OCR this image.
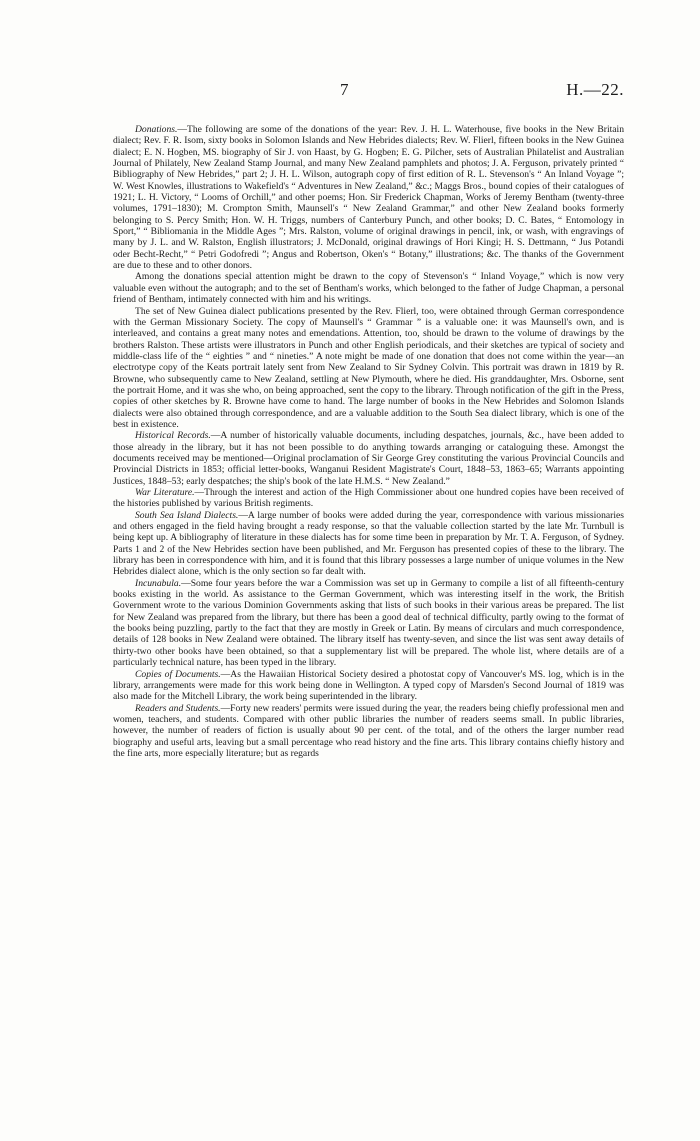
7	H.—22.

Donations.—The following are some of the donations of the year: Rev. J. H. L. Waterhouse, five books in the New Britain dialect; Rev. F. R. Isom, sixty books in Solomon Islands and New Hebrides dialects; Rev. W. Flierl, fifteen books in the New Guinea dialect; E. N. Hogben, MS. biography of Sir J. von Haast, by G. Hogben; E. G. Pilcher, sets of Australian Philatelist and Australian Journal of Philately, New Zealand Stamp Journal, and many New Zealand pamphlets and photos; J. A. Ferguson, privately printed “ Bibliography of New Hebrides,” part 2; J. H. L. Wilson, autograph copy of first edition of R. L. Stevenson's “ An Inland Voyage ”; W. West Knowles, illustrations to Wakefield's “ Adventures in New Zealand,” &c.; Maggs Bros., bound copies of their catalogues of 1921; L. H. Victory, “ Looms of Orchill,” and other poems; Hon. Sir Frederick Chapman, Works of Jeremy Bentham (twenty-three volumes, 1791–1830); M. Crompton Smith, Maunsell's “ New Zealand Grammar,” and other New Zealand books formerly belonging to S. Percy Smith; Hon. W. H. Triggs, numbers of Canterbury Punch, and other books; D. C. Bates, “ Entomology in Sport,” “ Bibliomania in the Middle Ages ”; Mrs. Ralston, volume of original drawings in pencil, ink, or wash, with engravings of many by J. L. and W. Ralston, English illustrators; J. McDonald, original drawings of Hori Kingi; H. S. Dettmann, “ Jus Potandi oder Becht-Recht,” “ Petri Godofredi ”; Angus and Robertson, Oken's “ Botany,” illustrations; &c. The thanks of the Government are due to these and to other donors.

Among the donations special attention might be drawn to the copy of Stevenson's “ Inland Voyage,” which is now very valuable even without the autograph; and to the set of Bentham's works, which belonged to the father of Judge Chapman, a personal friend of Bentham, intimately connected with him and his writings.

The set of New Guinea dialect publications presented by the Rev. Flierl, too, were obtained through German correspondence with the German Missionary Society. The copy of Maunsell's “ Grammar ” is a valuable one: it was Maunsell's own, and is interleaved, and contains a great many notes and emendations. Attention, too, should be drawn to the volume of drawings by the brothers Ralston. These artists were illustrators in Punch and other English periodicals, and their sketches are typical of society and middle-class life of the “ eighties ” and “ nineties.” A note might be made of one donation that does not come within the year—an electrotype copy of the Keats portrait lately sent from New Zealand to Sir Sydney Colvin. This portrait was drawn in 1819 by R. Browne, who subsequently came to New Zealand, settling at New Plymouth, where he died. His granddaughter, Mrs. Osborne, sent the portrait Home, and it was she who, on being approached, sent the copy to the library. Through notification of the gift in the Press, copies of other sketches by R. Browne have come to hand. The large number of books in the New Hebrides and Solomon Islands dialects were also obtained through correspondence, and are a valuable addition to the South Sea dialect library, which is one of the best in existence.

Historical Records.—A number of historically valuable documents, including despatches, journals, &c., have been added to those already in the library, but it has not been possible to do anything towards arranging or cataloguing these. Amongst the documents received may be mentioned—Original proclamation of Sir George Grey constituting the various Provincial Councils and Provincial Districts in 1853; official letter-books, Wanganui Resident Magistrate's Court, 1848–53, 1863–65; Warrants appointing Justices, 1848–53; early despatches; the ship's book of the late H.M.S. “ New Zealand.”

War Literature.—Through the interest and action of the High Commissioner about one hundred copies have been received of the histories published by various British regiments.

South Sea Island Dialects.—A large number of books were added during the year, correspondence with various missionaries and others engaged in the field having brought a ready response, so that the valuable collection started by the late Mr. Turnbull is being kept up. A bibliography of literature in these dialects has for some time been in preparation by Mr. T. A. Ferguson, of Sydney. Parts 1 and 2 of the New Hebrides section have been published, and Mr. Ferguson has presented copies of these to the library. The library has been in correspondence with him, and it is found that this library possesses a large number of unique volumes in the New Hebrides dialect alone, which is the only section so far dealt with.

Incunabula.—Some four years before the war a Commission was set up in Germany to compile a list of all fifteenth-century books existing in the world. As assistance to the German Government, which was interesting itself in the work, the British Government wrote to the various Dominion Governments asking that lists of such books in their various areas be prepared. The list for New Zealand was prepared from the library, but there has been a good deal of technical difficulty, partly owing to the format of the books being puzzling, partly to the fact that they are mostly in Greek or Latin. By means of circulars and much correspondence, details of 128 books in New Zealand were obtained. The library itself has twenty-seven, and since the list was sent away details of thirty-two other books have been obtained, so that a supplementary list will be prepared. The whole list, where details are of a particularly technical nature, has been typed in the library.

Copies of Documents.—As the Hawaiian Historical Society desired a photostat copy of Vancouver's MS. log, which is in the library, arrangements were made for this work being done in Wellington. A typed copy of Marsden's Second Journal of 1819 was also made for the Mitchell Library, the work being superintended in the library.

Readers and Students.—Forty new readers' permits were issued during the year, the readers being chiefly professional men and women, teachers, and students. Compared with other public libraries the number of readers seems small. In public libraries, however, the number of readers of fiction is usually about 90 per cent. of the total, and of the others the larger number read biography and useful arts, leaving but a small percentage who read history and the fine arts. This library contains chiefly history and the fine arts, more especially literature; but as regards
